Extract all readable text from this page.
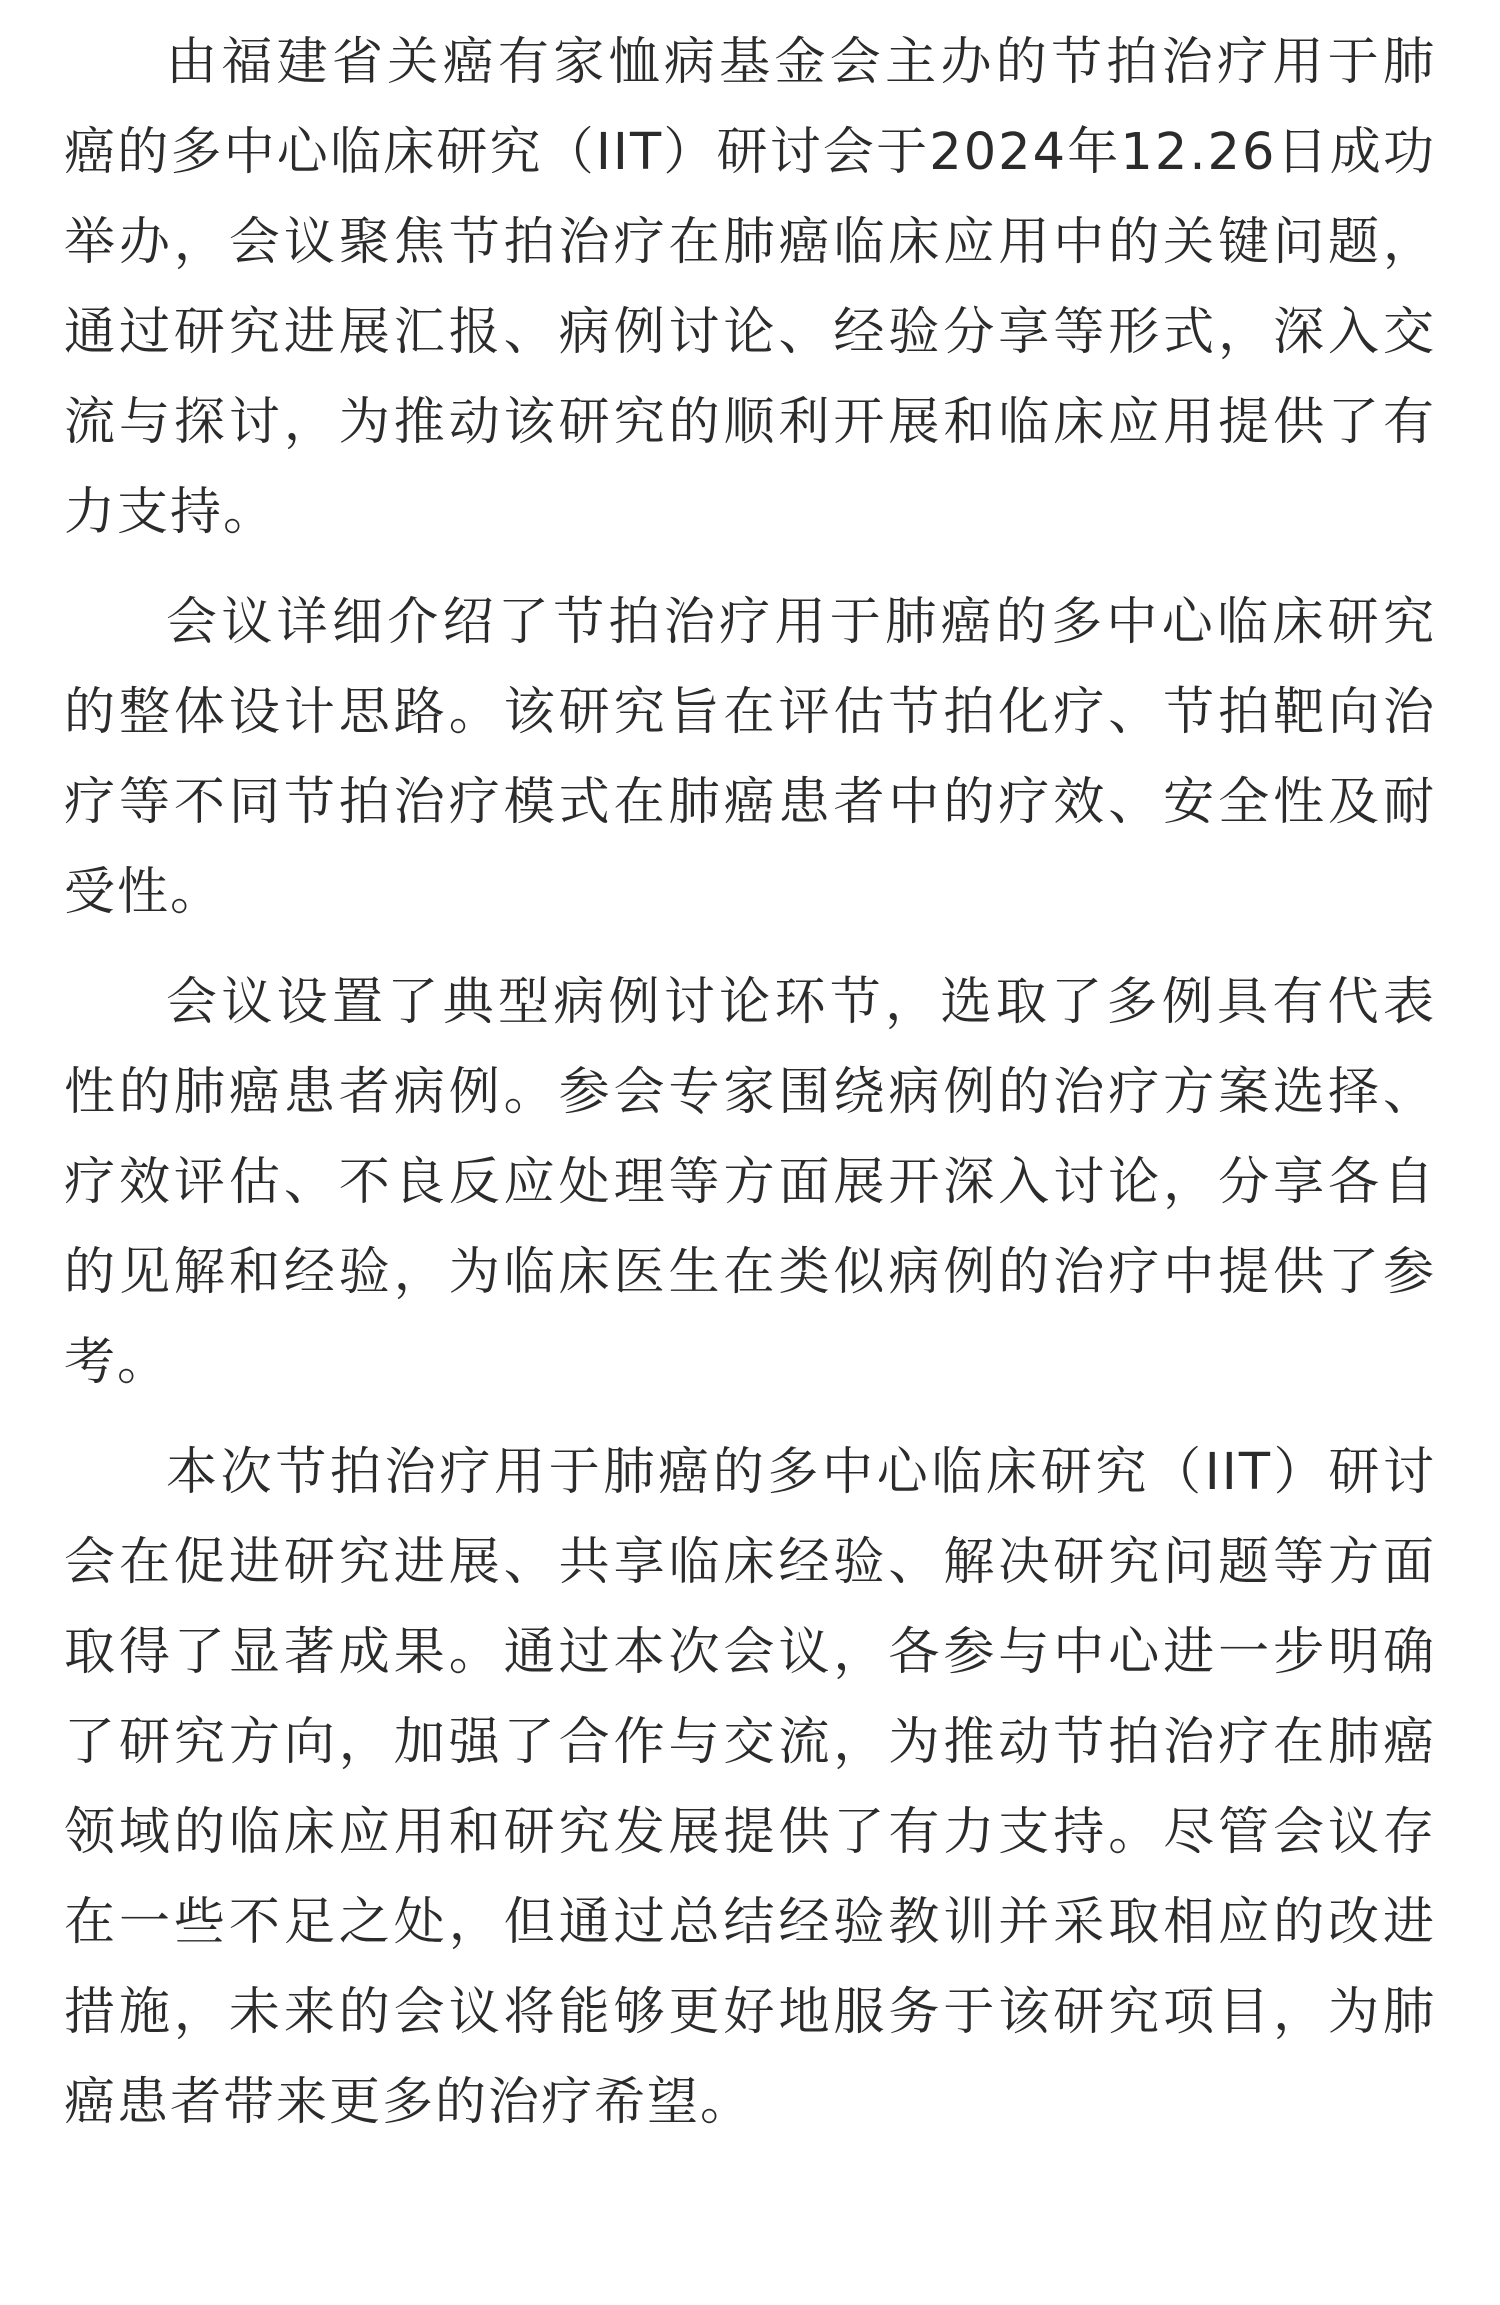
由福建省关癌有家恤病基金会主办的节拍治疗用于肺癌的多中心临床研究（IIT）研讨会于2024年12.26日成功举办，会议聚焦节拍治疗在肺癌临床应用中的关键问题，通过研究进展汇报、病例讨论、经验分享等形式，深入交流与探讨，为推动该研究的顺利开展和临床应用提供了有力支持。

会议详细介绍了节拍治疗用于肺癌的多中心临床研究的整体设计思路。该研究旨在评估节拍化疗、节拍靶向治疗等不同节拍治疗模式在肺癌患者中的疗效、安全性及耐受性。

会议设置了典型病例讨论环节，选取了多例具有代表性的肺癌患者病例。参会专家围绕病例的治疗方案选择、疗效评估、不良反应处理等方面展开深入讨论，分享各自的见解和经验，为临床医生在类似病例的治疗中提供了参考。

本次节拍治疗用于肺癌的多中心临床研究（IIT）研讨会在促进研究进展、共享临床经验、解决研究问题等方面取得了显著成果。通过本次会议，各参与中心进一步明确了研究方向，加强了合作与交流，为推动节拍治疗在肺癌领域的临床应用和研究发展提供了有力支持。尽管会议存在一些不足之处，但通过总结经验教训并采取相应的改进措施，未来的会议将能够更好地服务于该研究项目，为肺癌患者带来更多的治疗希望。
